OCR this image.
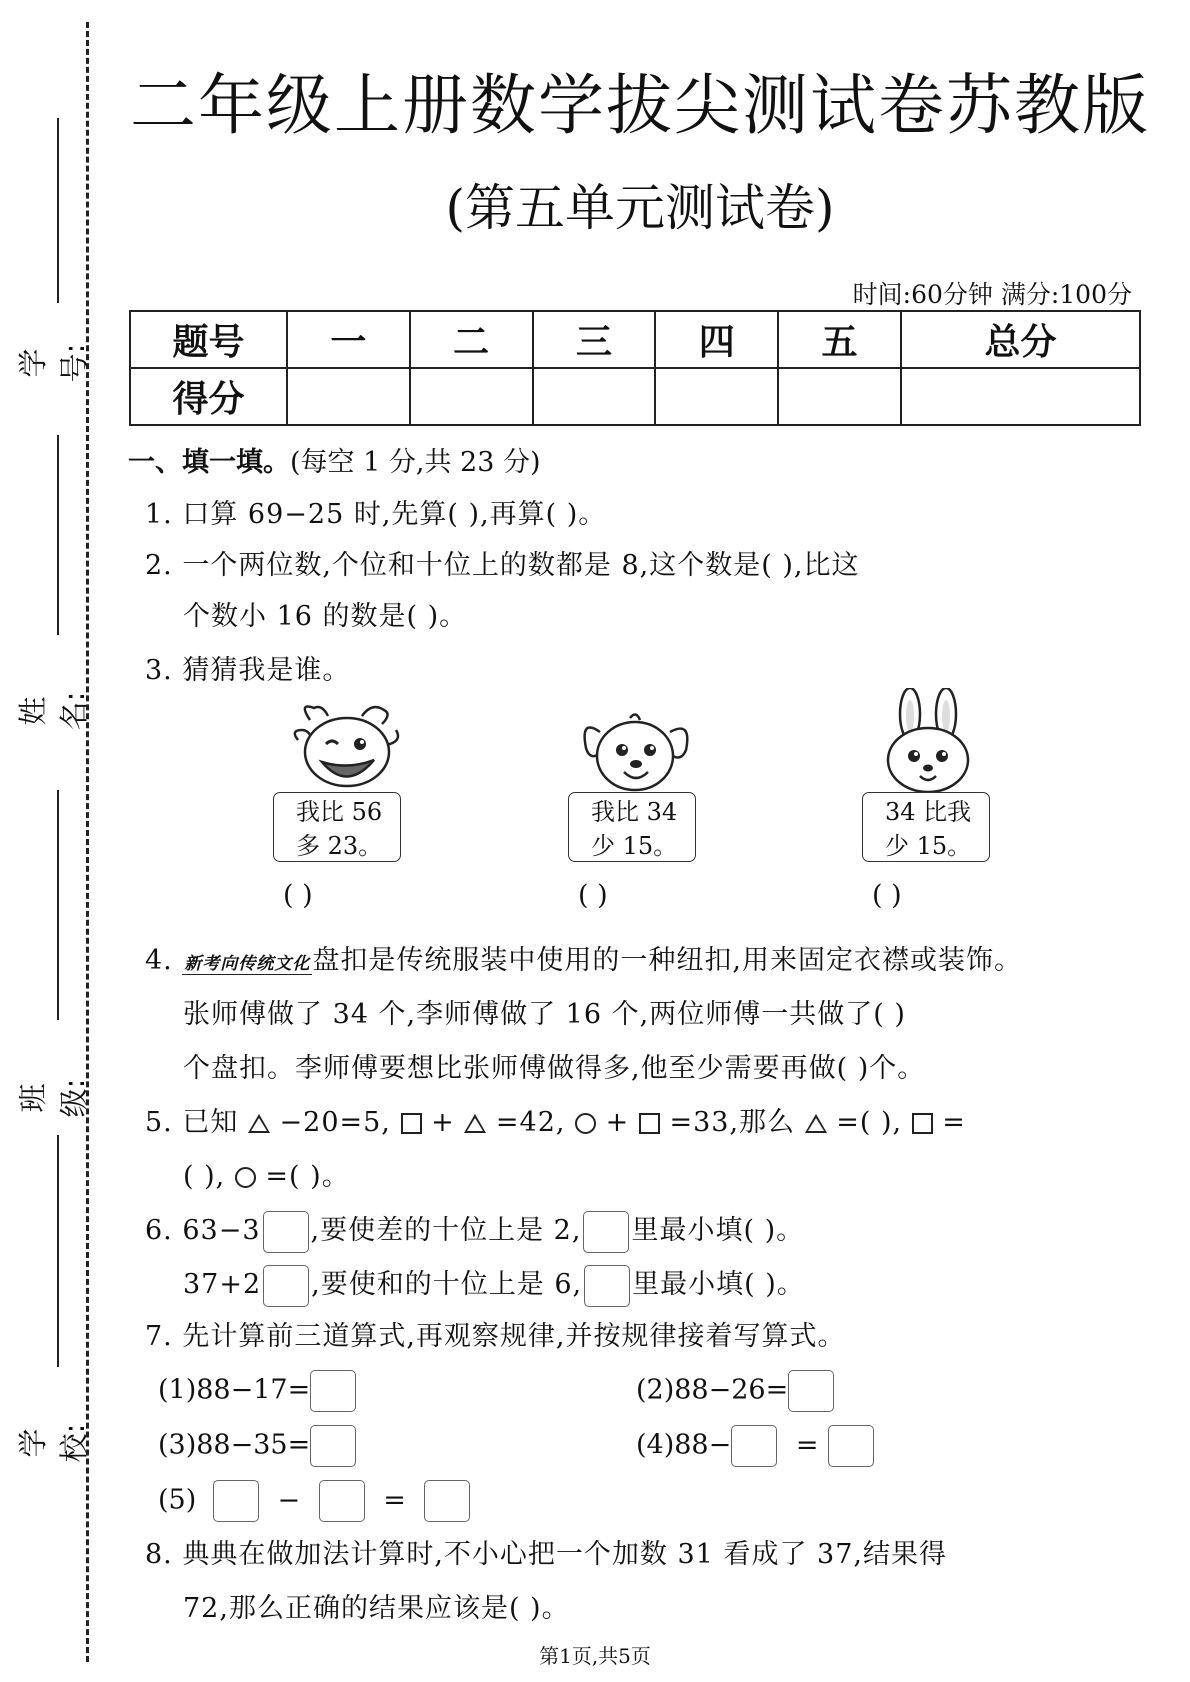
学号:
姓名:
班级:
学校:
二年级上册数学拔尖测试卷苏教版
(第五单元测试卷)
时间:60分钟 满分:100分
题号	一	二	三	四	五	总分
得分						
一、填一填。(每空 1 分,共 23 分)
1. 口算 69−25 时,先算( ),再算( )。
2. 一个两位数,个位和十位上的数都是 8,这个数是( ),比这
个数小 16 的数是( )。
3. 猜猜我是谁。
我比 56
多 23。
我比 34
少 15。
34 比我
少 15。
( )	( )	( )
4. 新考向传统文化盘扣是传统服装中使用的一种纽扣,用来固定衣襟或装饰。
张师傅做了 34 个,李师傅做了 16 个,两位师傅一共做了( )
个盘扣。李师傅要想比张师傅做得多,他至少需要再做( )个。
5. 已知 −20=5, + =42, + =33,那么 =( ), =
( ), =( )。
6. 63−3 ,要使差的十位上是 2, 里最小填( )。
37+2 ,要使和的十位上是 6, 里最小填( )。
7. 先计算前三道算式,再观察规律,并按规律接着写算式。
(1)88−17=	(2)88−26=
(3)88−35=	(4)88− =
(5)	−	=
8. 典典在做加法计算时,不小心把一个加数 31 看成了 37,结果得
72,那么正确的结果应该是( )。
第1页,共5页
